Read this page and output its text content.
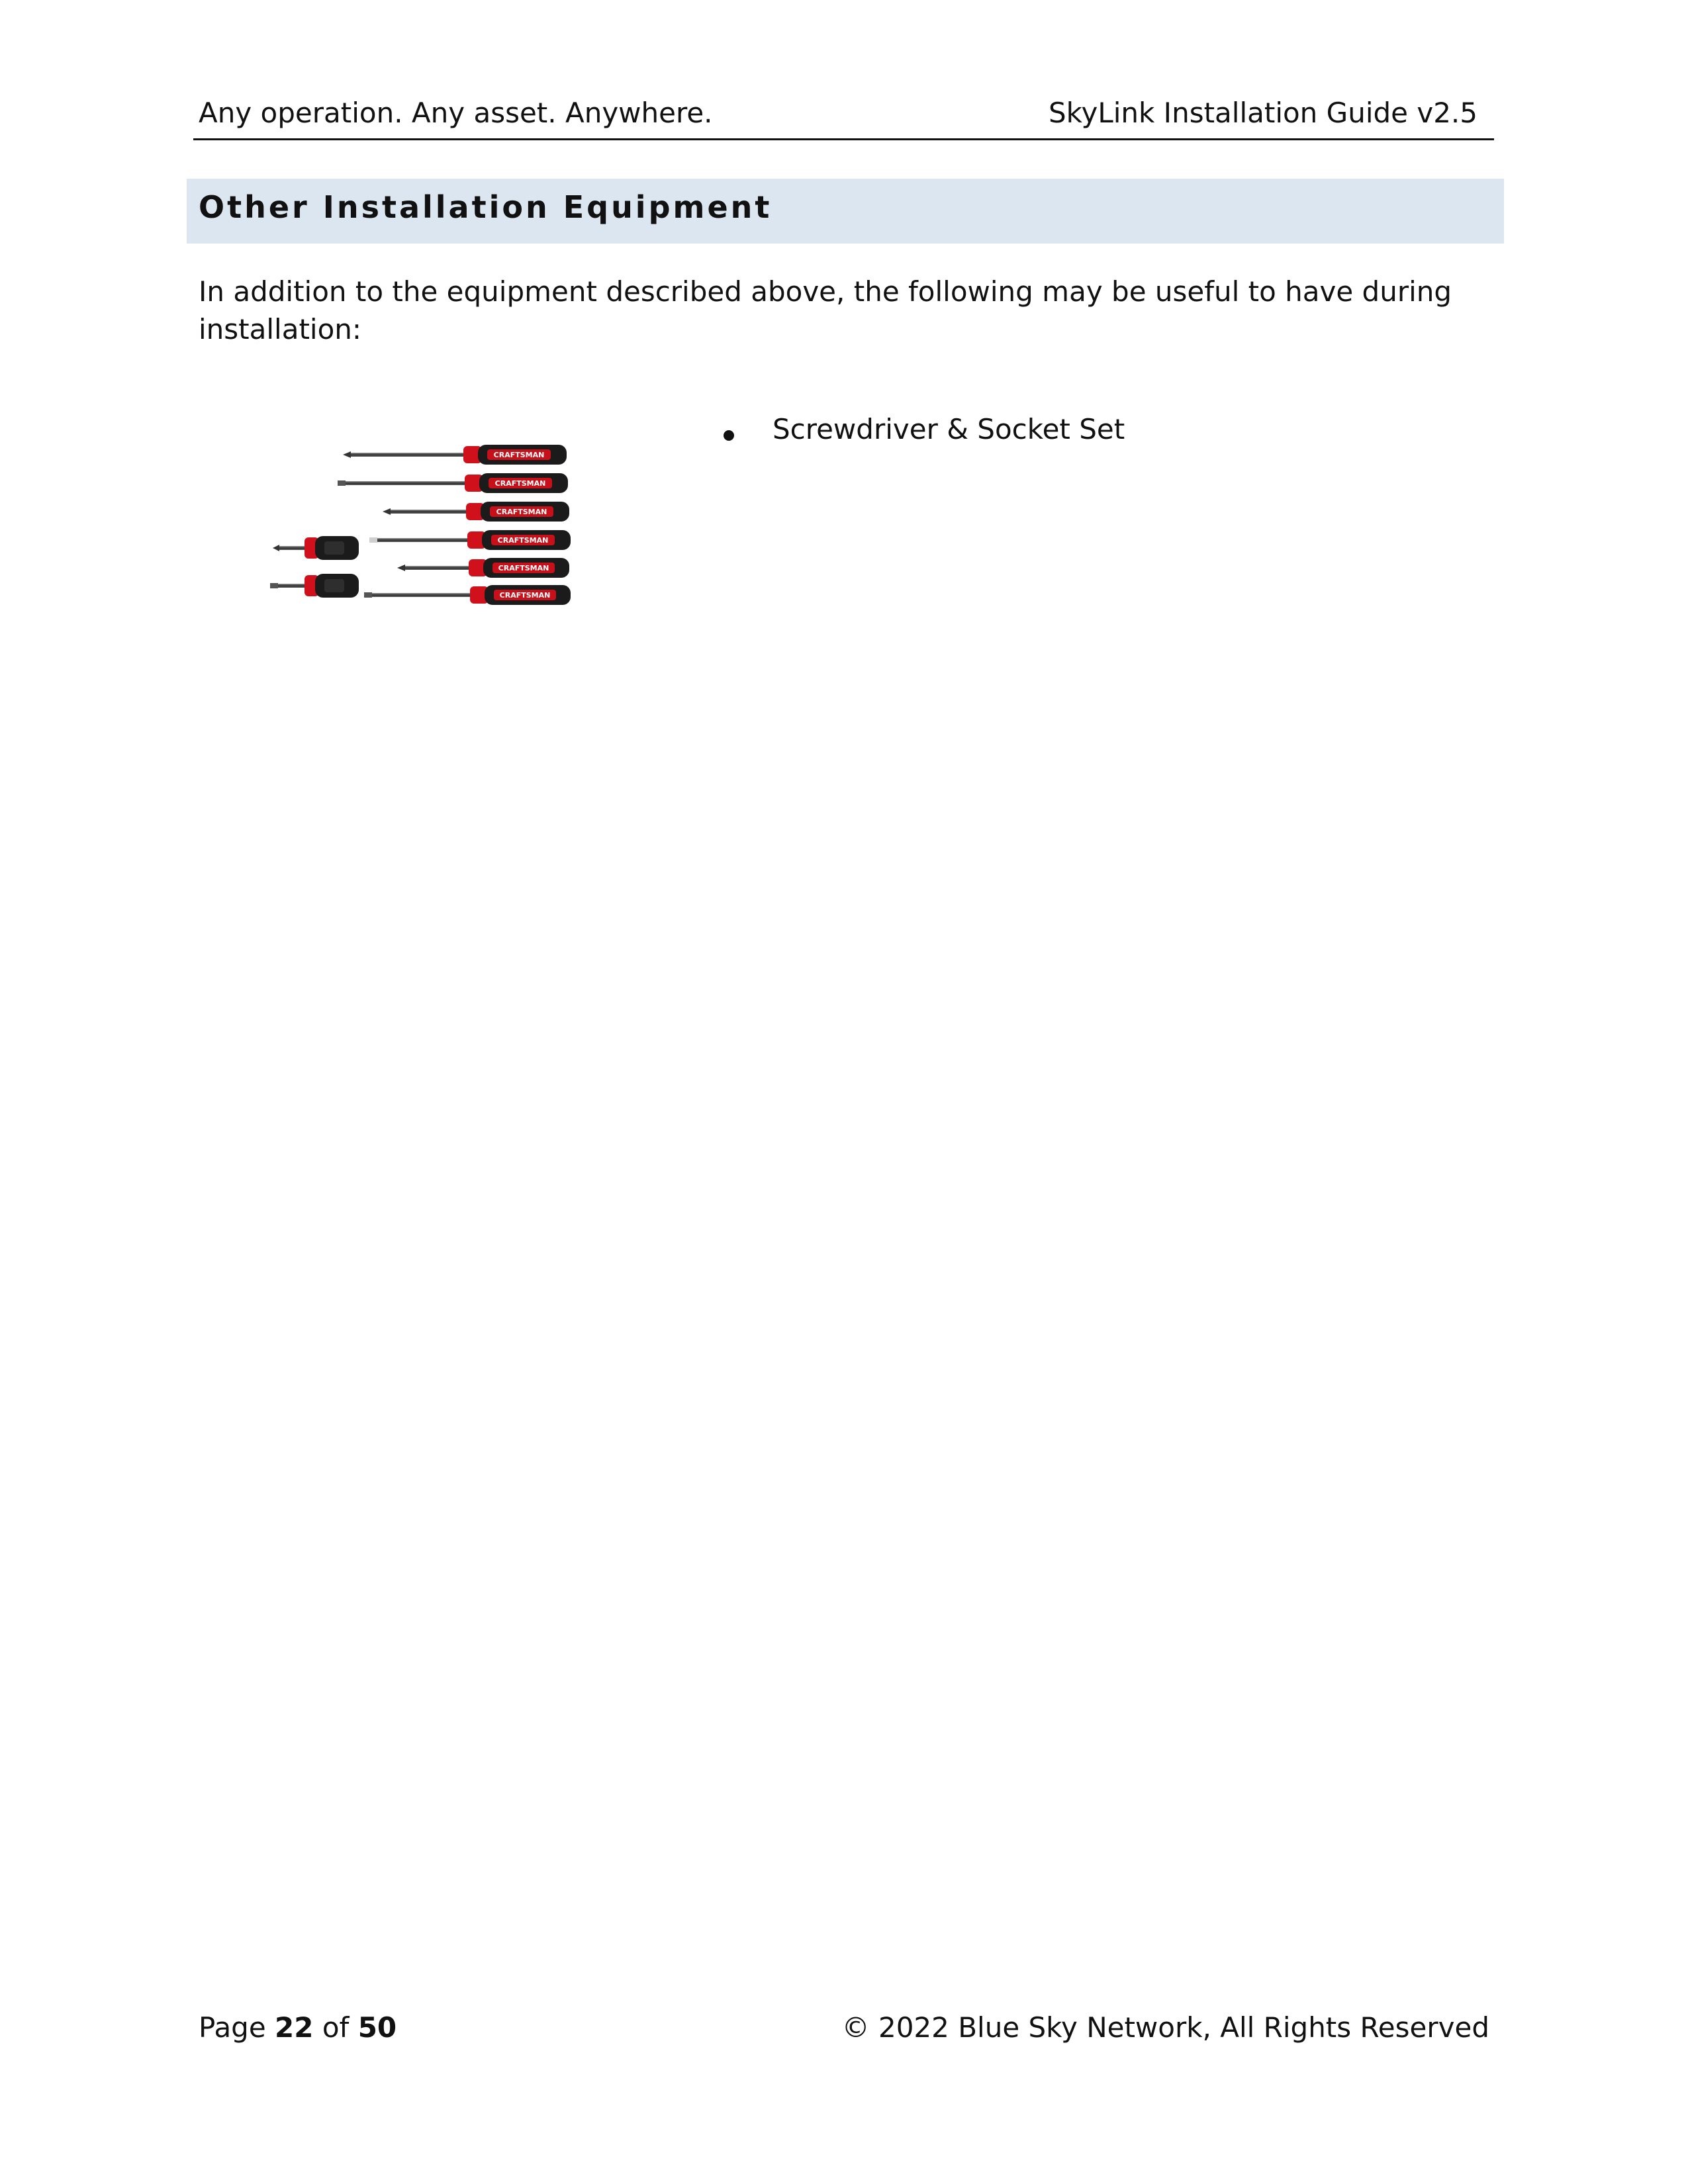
Any operation. Any asset. Anywhere.	SkyLink Installation Guide v2.5
Other Installation Equipment
In addition to the equipment described above, the following may be useful to have during installation:
CRAFTSMAN
CRAFTSMAN
CRAFTSMAN
CRAFTSMAN
CRAFTSMAN
CRAFTSMAN
Screwdriver & Socket Set
Page 22 of 50	© 2022 Blue Sky Network, All Rights Reserved
